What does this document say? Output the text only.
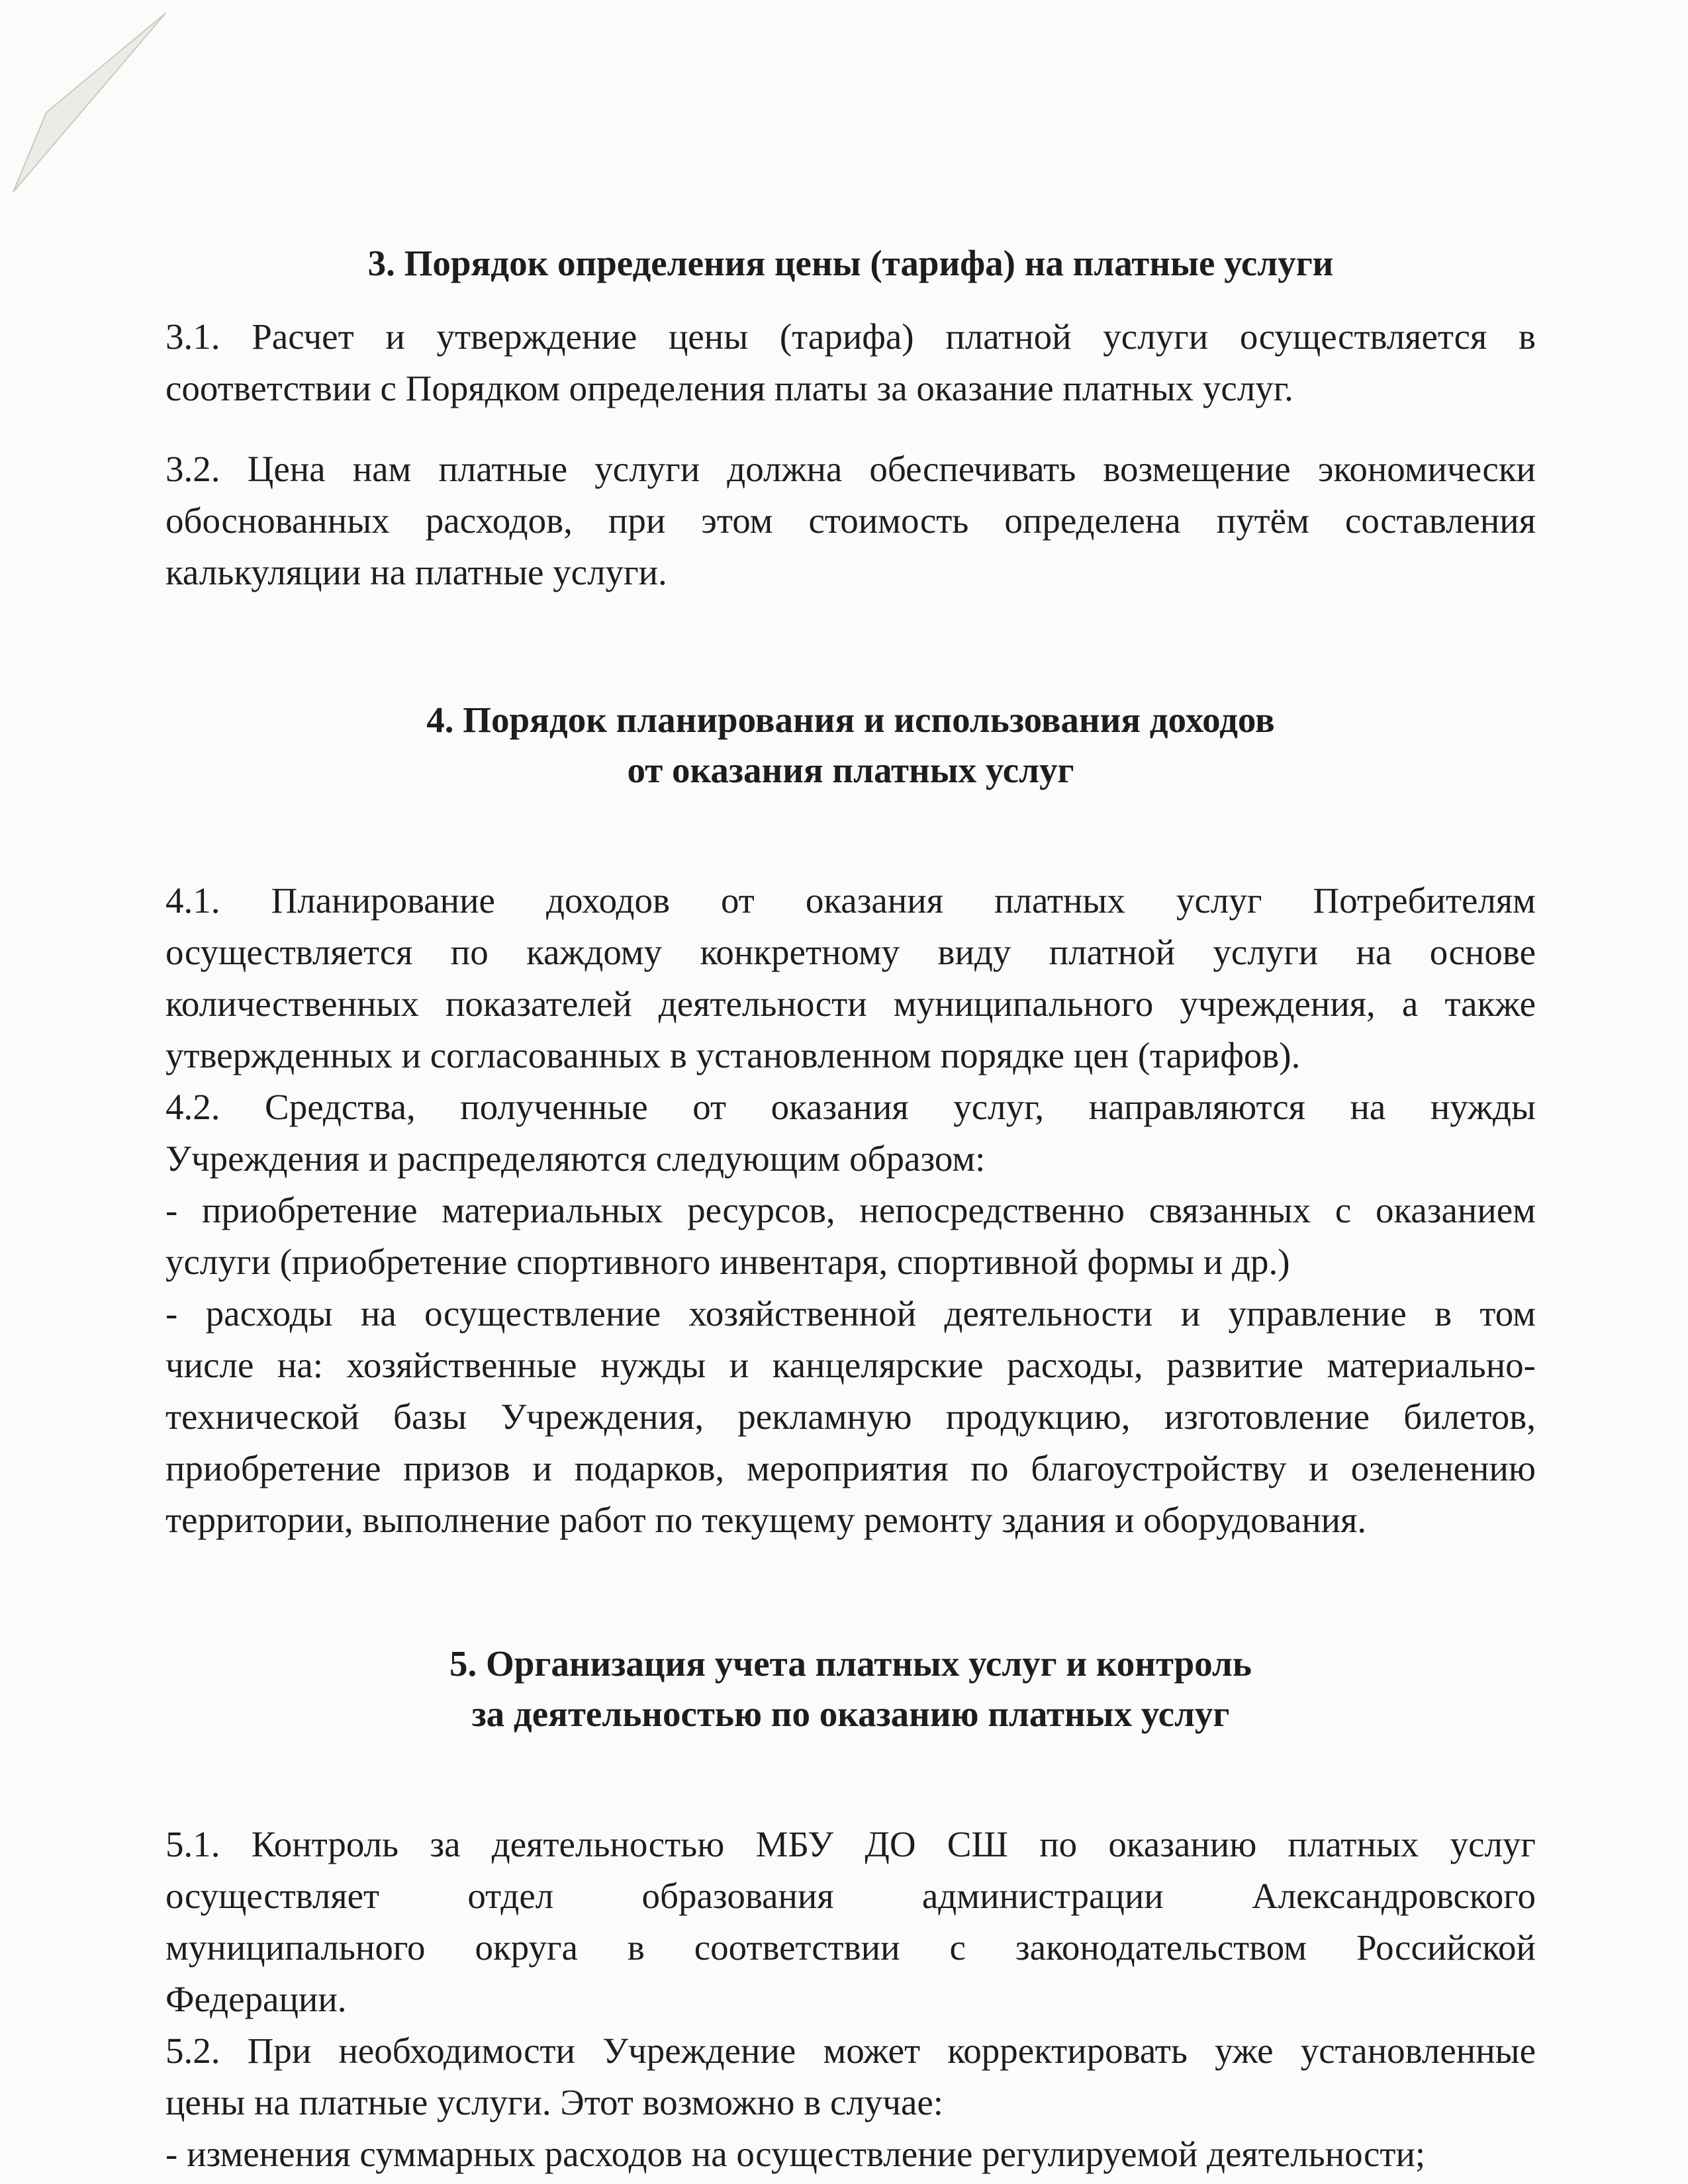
3. Порядок определения цены (тарифа) на платные услуги
3.1. Расчет и утверждение цены (тарифа) платной услуги осуществляется в
соответствии с Порядком определения платы за оказание платных услуг.
3.2. Цена нам платные услуги должна обеспечивать возмещение экономически
обоснованных расходов, при этом стоимость определена путём составления
калькуляции на платные услуги.
4. Порядок планирования и использования доходов
от оказания платных услуг
4.1. Планирование доходов от оказания платных услуг Потребителям
осуществляется по каждому конкретному виду платной услуги на основе
количественных показателей деятельности муниципального учреждения, а также
утвержденных и согласованных в установленном порядке цен (тарифов).
4.2. Средства, полученные от оказания услуг, направляются на нужды
Учреждения и распределяются следующим образом:
- приобретение материальных ресурсов, непосредственно связанных с оказанием
услуги (приобретение спортивного инвентаря, спортивной формы и др.)
- расходы на осуществление хозяйственной деятельности и управление в том
числе на: хозяйственные нужды и канцелярские расходы, развитие материально-
технической базы Учреждения, рекламную продукцию, изготовление билетов,
приобретение призов и подарков, мероприятия по благоустройству и озеленению
территории, выполнение работ по текущему ремонту здания и оборудования.
5. Организация учета платных услуг и контроль
за деятельностью по оказанию платных услуг
5.1. Контроль за деятельностью МБУ ДО СШ по оказанию платных услуг
осуществляет отдел образования администрации Александровского
муниципального округа в соответствии с законодательством Российской
Федерации.
5.2. При необходимости Учреждение может корректировать уже установленные
цены на платные услуги. Этот возможно в случае:
- изменения суммарных расходов на осуществление регулируемой деятельности;
